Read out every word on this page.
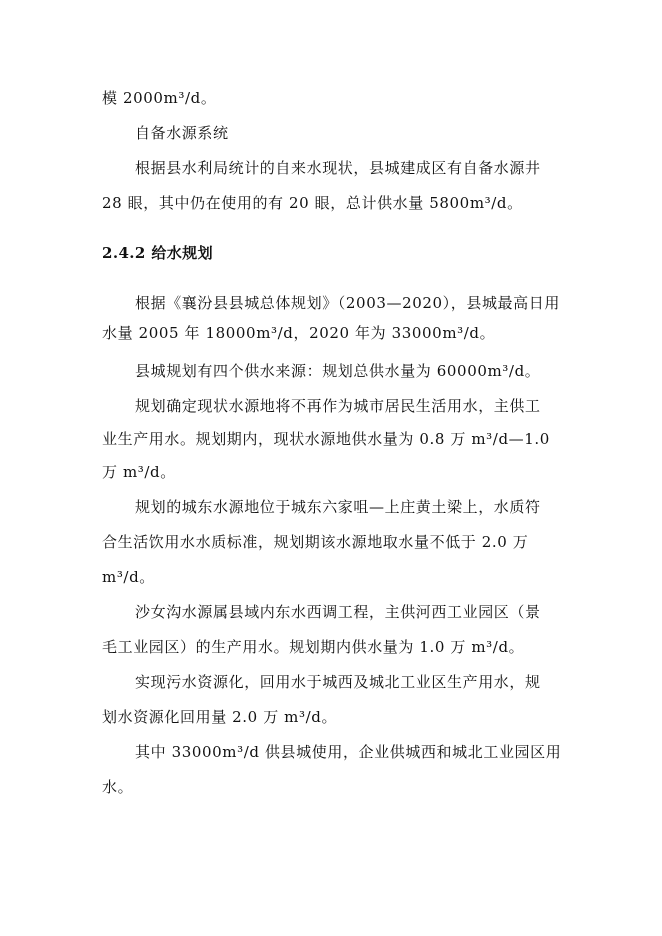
模 2000m³/d。
自备水源系统
根据县水利局统计的自来水现状，县城建成区有自备水源井
28 眼，其中仍在使用的有 20 眼，总计供水量 5800m³/d。
2.4.2 给水规划
根据《襄汾县县城总体规划》（2003—2020），县城最高日用
水量 2005 年 18000m³/d，2020 年为 33000m³/d。
县城规划有四个供水来源：规划总供水量为 60000m³/d。
规划确定现状水源地将不再作为城市居民生活用水，主供工
业生产用水。规划期内，现状水源地供水量为 0.8 万 m³/d—1.0
万 m³/d。
规划的城东水源地位于城东六家咀—上庄黄土梁上，水质符
合生活饮用水水质标准，规划期该水源地取水量不低于 2.0 万
m³/d。
沙女沟水源属县域内东水西调工程，主供河西工业园区（景
毛工业园区）的生产用水。规划期内供水量为 1.0 万 m³/d。
实现污水资源化，回用水于城西及城北工业区生产用水，规
划水资源化回用量 2.0 万 m³/d。
其中 33000m³/d 供县城使用，企业供城西和城北工业园区用
水。
